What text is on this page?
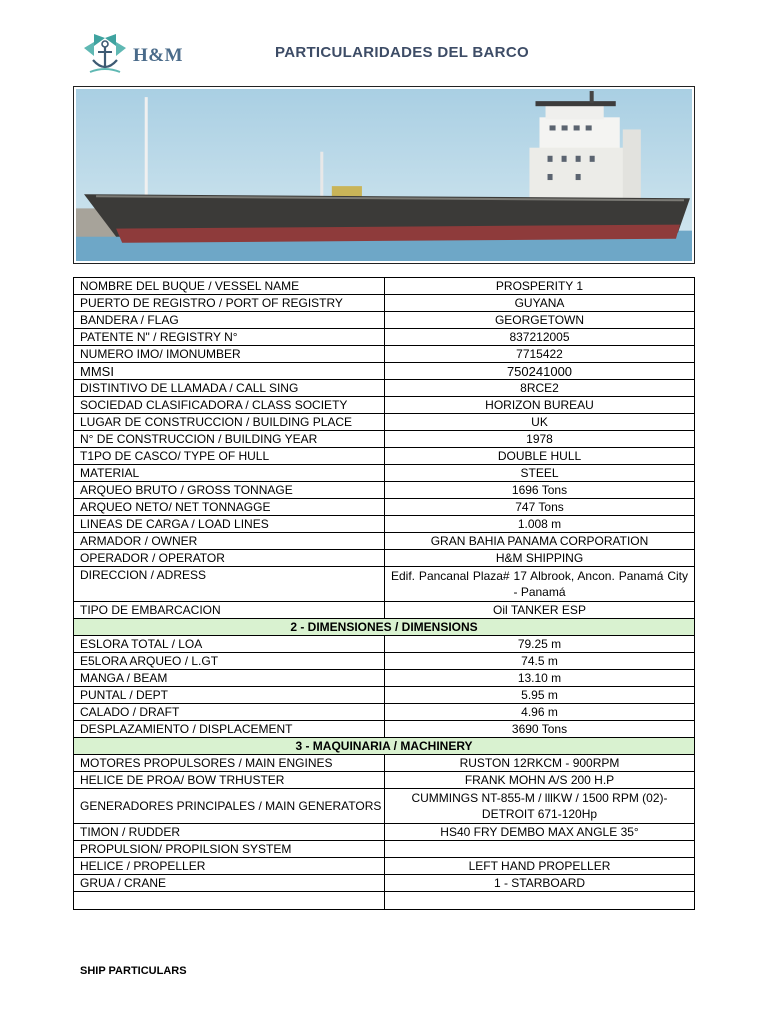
H&M	PARTICULARIDADES DEL BARCO
NOMBRE DEL BUQUE / VESSEL NAME	PROSPERITY 1
PUERTO DE REGISTRO / PORT OF REGISTRY	GUYANA
BANDERA / FLAG	GEORGETOWN
PATENTE N" / REGISTRY N°	837212005
NUMERO IMO/ IMONUMBER	7715422
MMSI	750241000
DISTINTIVO DE LLAMADA / CALL SING	8RCE2
SOCIEDAD CLASIFICADORA / CLASS SOCIETY	HORIZON BUREAU
LUGAR DE CONSTRUCCION / BUILDING PLACE	UK
N° DE CONSTRUCCION / BUILDING YEAR	1978
T1PO DE CASCO/ TYPE OF HULL	DOUBLE HULL
MATERIAL	STEEL
ARQUEO BRUTO / GROSS TONNAGE	1696 Tons
ARQUEO NETO/ NET TONNAGGE	747 Tons
LINEAS DE CARGA / LOAD LINES	1.008 m
ARMADOR / OWNER	GRAN BAHIA PANAMA CORPORATION
OPERADOR / OPERATOR	H&M SHIPPING
DIRECCION / ADRESS	Edif. Pancanal Plaza# 17 Albrook, Ancon. Panamá City - Panamá
TIPO DE EMBARCACION	Oil TANKER ESP
2 - DIMENSIONES / DIMENSIONS	
ESLORA TOTAL / LOA	79.25 m
E5LORA ARQUEO / L.GT	74.5 m
MANGA / BEAM	13.10 m
PUNTAL / DEPT	5.95 m
CALADO / DRAFT	4.96 m
DESPLAZAMIENTO / DISPLACEMENT	3690 Tons
3 - MAQUINARIA / MACHINERY	
MOTORES PROPULSORES / MAIN ENGINES	RUSTON 12RKCM - 900RPM
HELICE DE PROA/ BOW TRHUSTER	FRANK MOHN A/S 200 H.P
GENERADORES PRINCIPALES / MAIN GENERATORS	CUMMINGS NT-855-M / lllKW / 1500 RPM (02)-DETROIT 671-120Hp
TIMON / RUDDER	HS40 FRY DEMBO MAX ANGLE 35°
PROPULSION/ PROPILSION SYSTEM	
HELICE / PROPELLER	LEFT HAND PROPELLER
GRUA / CRANE	1 - STARBOARD

SHIP PARTICULARS
